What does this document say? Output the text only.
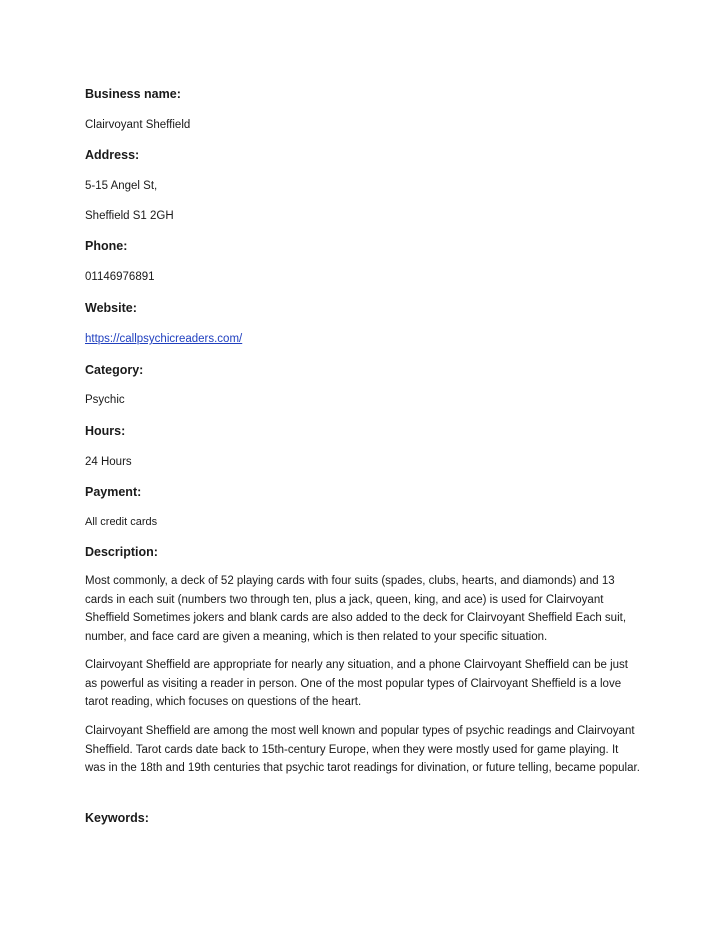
Business name:
Clairvoyant Sheffield
Address:
5-15 Angel St,
Sheffield S1 2GH
Phone:
01146976891
Website:
https://callpsychicreaders.com/
Category:
Psychic
Hours:
24 Hours
Payment:
All credit cards
Description:

Most commonly, a deck of 52 playing cards with four suits (spades, clubs, hearts, and diamonds) and 13 cards in each suit (numbers two through ten, plus a jack, queen, king, and ace) is used for Clairvoyant Sheffield Sometimes jokers and blank cards are also added to the deck for Clairvoyant Sheffield Each suit, number, and face card are given a meaning, which is then related to your specific situation.

Clairvoyant Sheffield are appropriate for nearly any situation, and a phone Clairvoyant Sheffield can be just as powerful as visiting a reader in person. One of the most popular types of Clairvoyant Sheffield is a love tarot reading, which focuses on questions of the heart.

Clairvoyant Sheffield are among the most well known and popular types of psychic readings and Clairvoyant Sheffield. Tarot cards date back to 15th-century Europe, when they were mostly used for game playing. It was in the 18th and 19th centuries that psychic tarot readings for divination, or future telling, became popular.

Keywords:
